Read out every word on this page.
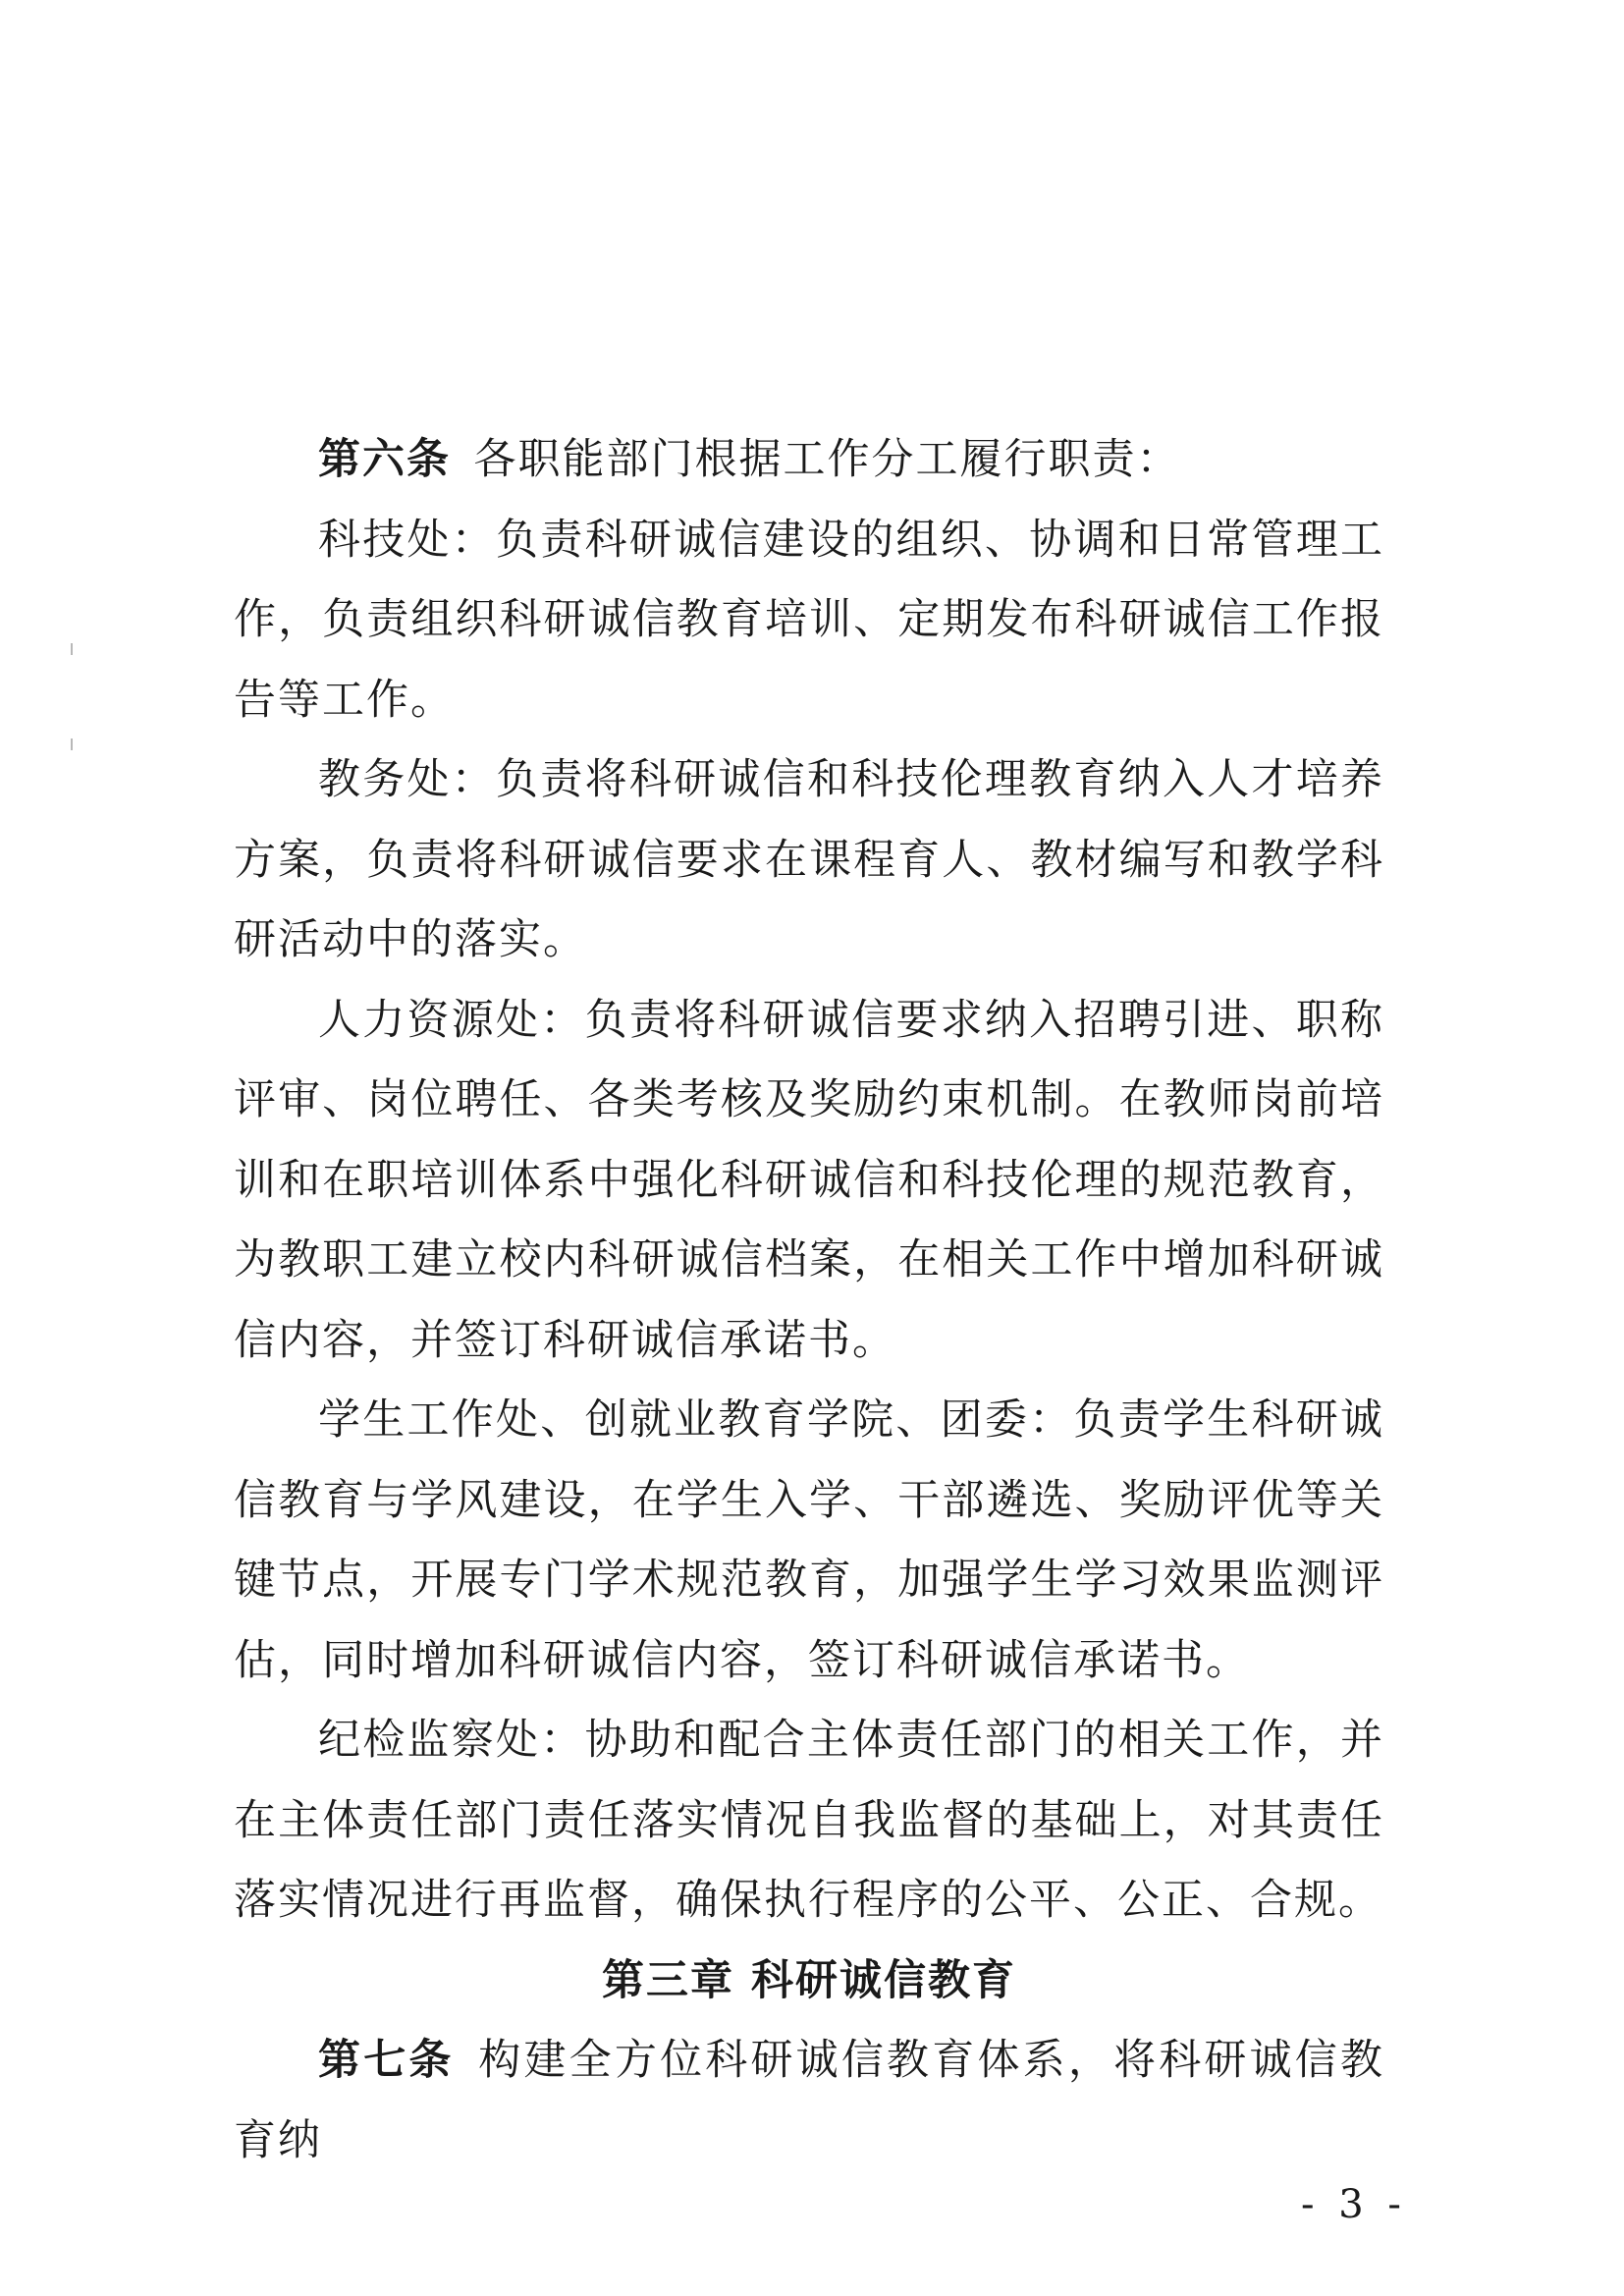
第六条  各职能部门根据工作分工履行职责：

科技处：负责科研诚信建设的组织、协调和日常管理工作，负责组织科研诚信教育培训、定期发布科研诚信工作报告等工作。

教务处：负责将科研诚信和科技伦理教育纳入人才培养方案，负责将科研诚信要求在课程育人、教材编写和教学科研活动中的落实。

人力资源处：负责将科研诚信要求纳入招聘引进、职称评审、岗位聘任、各类考核及奖励约束机制。在教师岗前培训和在职培训体系中强化科研诚信和科技伦理的规范教育，为教职工建立校内科研诚信档案，在相关工作中增加科研诚信内容，并签订科研诚信承诺书。

学生工作处、创就业教育学院、团委：负责学生科研诚信教育与学风建设，在学生入学、干部遴选、奖励评优等关键节点，开展专门学术规范教育，加强学生学习效果监测评估，同时增加科研诚信内容，签订科研诚信承诺书。

纪检监察处：协助和配合主体责任部门的相关工作，并在主体责任部门责任落实情况自我监督的基础上，对其责任落实情况进行再监督，确保执行程序的公平、公正、合规。

第三章 科研诚信教育

第七条  构建全方位科研诚信教育体系，将科研诚信教育纳

- 3 -
